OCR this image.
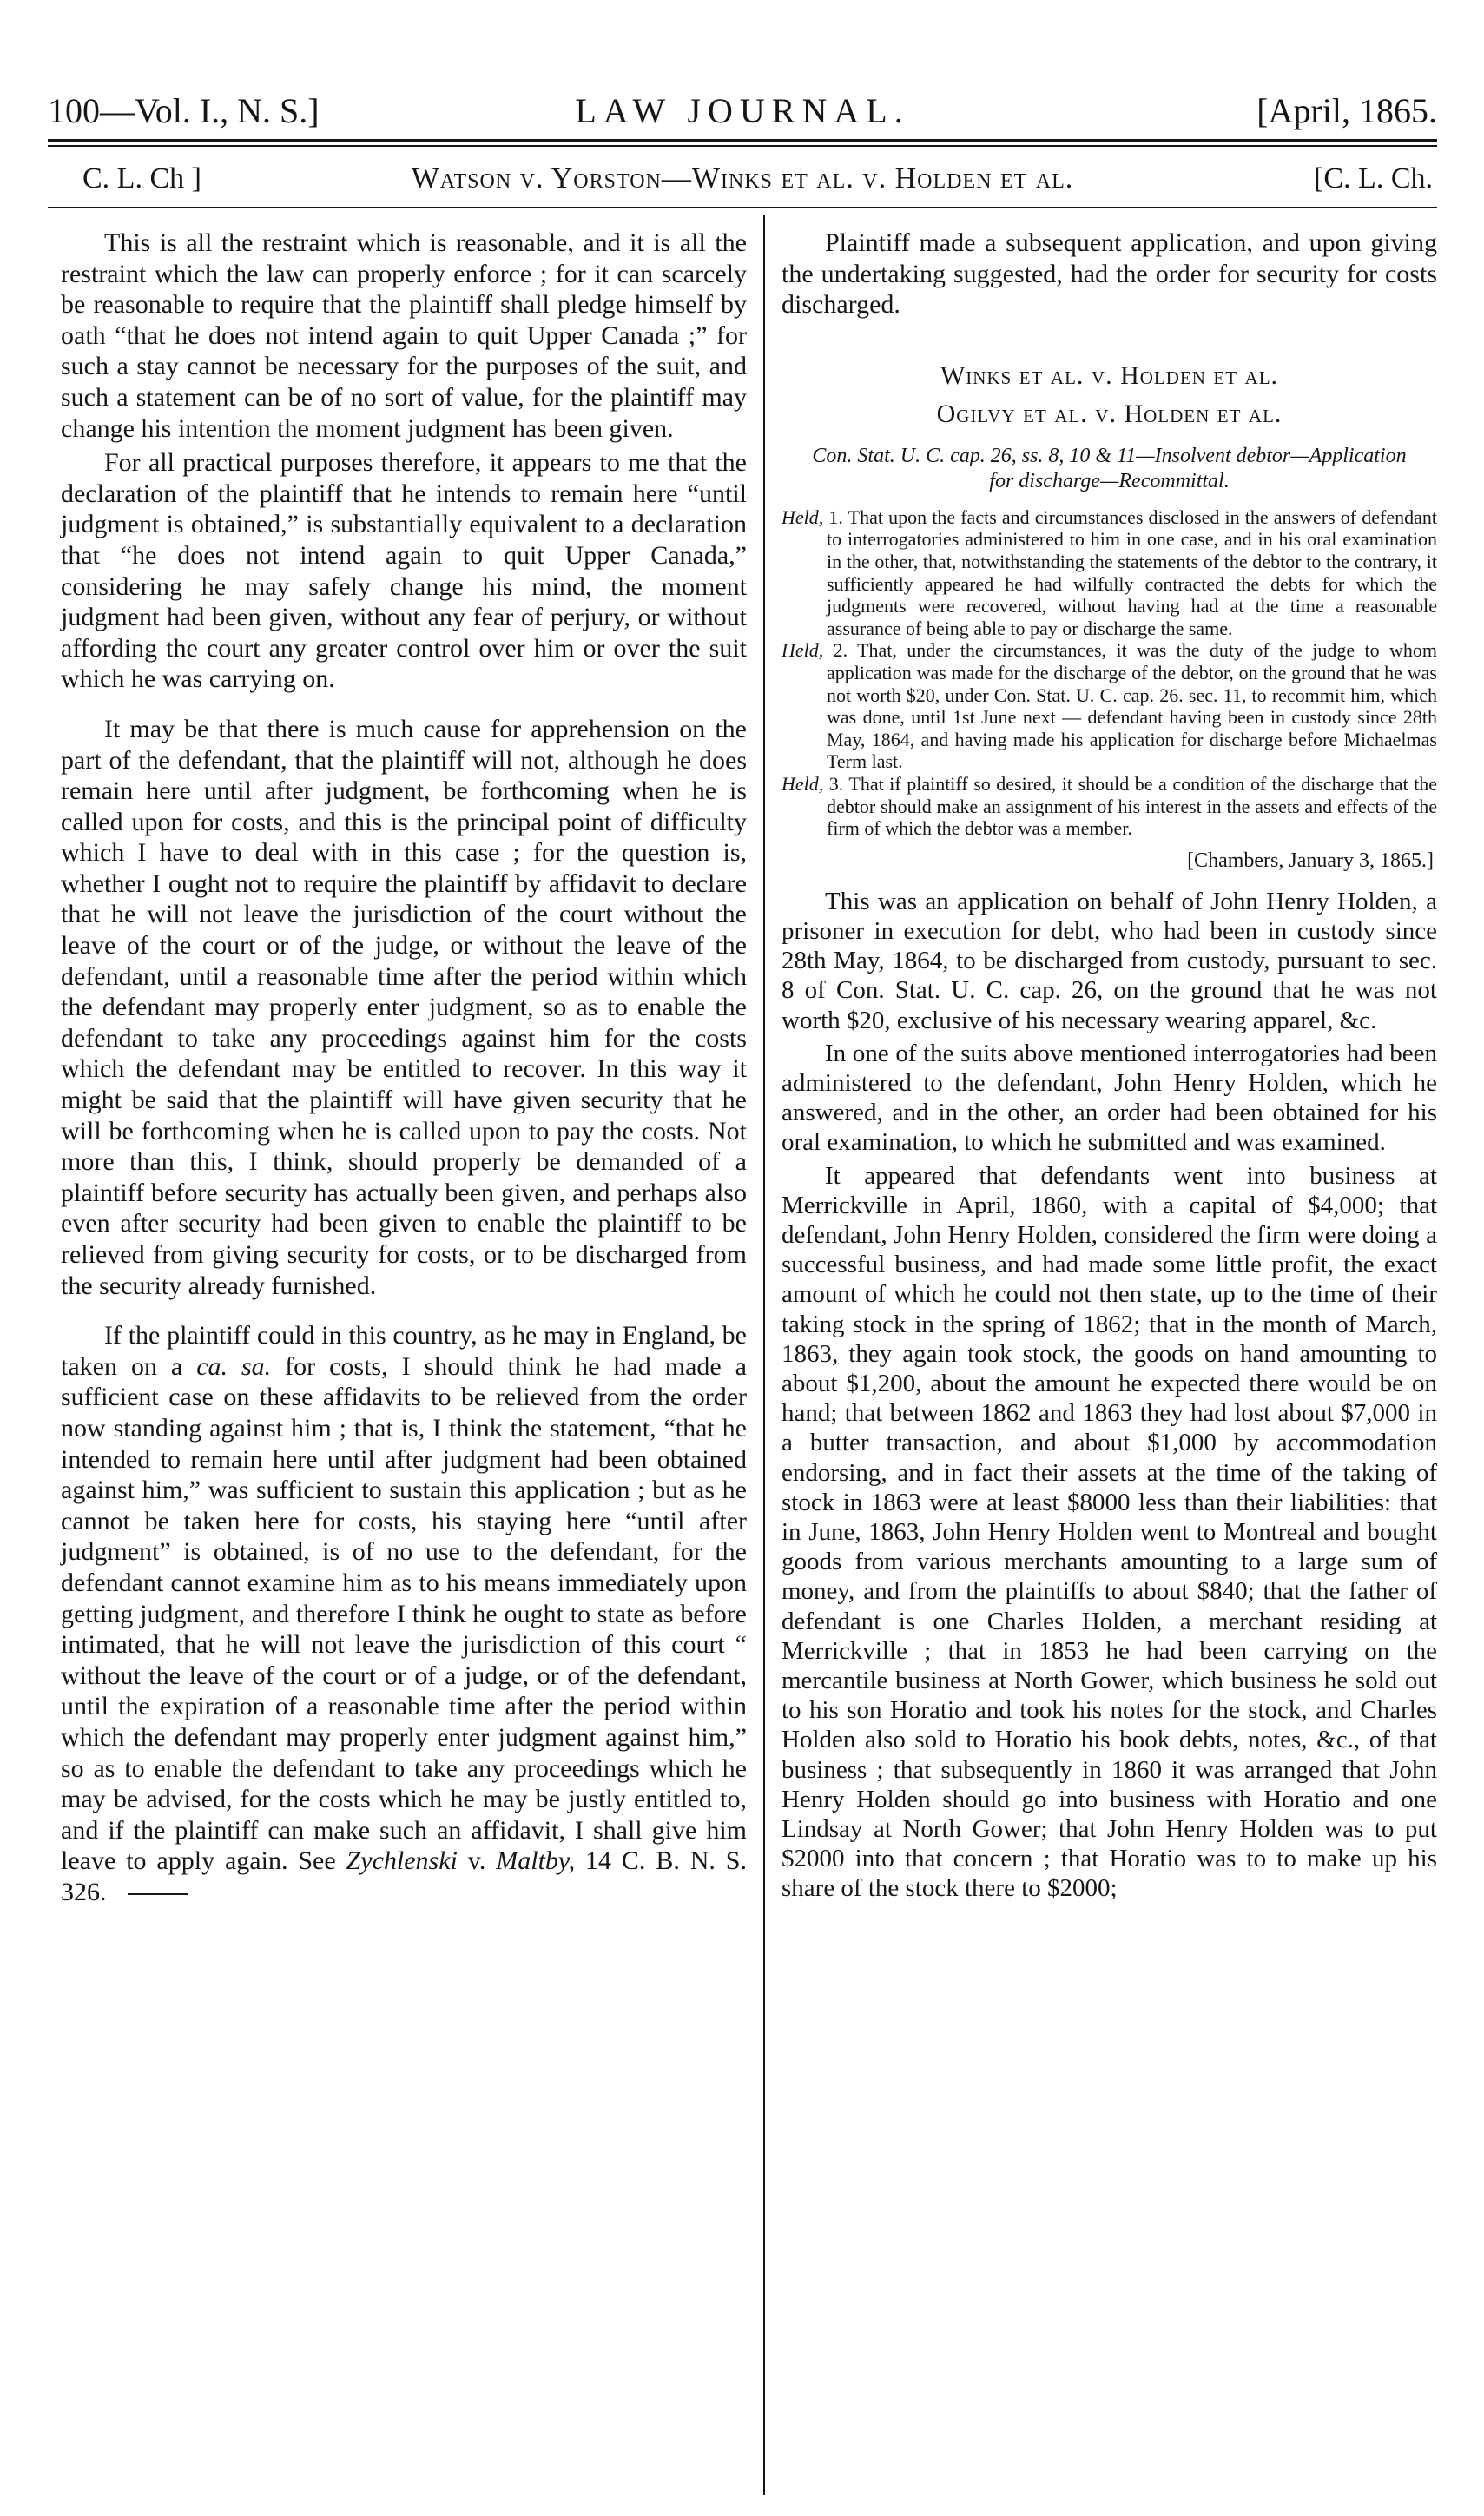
100—Vol. I., N. S.]	LAW JOURNAL.	[April, 1865.
C. L. Ch ]	Watson v. Yorston—Winks et al. v. Holden et al.	[C. L. Ch.

This is all the restraint which is reasonable, and it is all the restraint which the law can properly enforce ; for it can scarcely be reasonable to require that the plaintiff shall pledge himself by oath “that he does not intend again to quit Upper Canada ;” for such a stay cannot be necessary for the purposes of the suit, and such a statement can be of no sort of value, for the plaintiff may change his intention the moment judgment has been given.

For all practical purposes therefore, it appears to me that the declaration of the plaintiff that he intends to remain here “until judgment is obtained,” is substantially equivalent to a declaration that “he does not intend again to quit Upper Canada,” considering he may safely change his mind, the moment judgment had been given, without any fear of perjury, or without affording the court any greater control over him or over the suit which he was carrying on.

It may be that there is much cause for apprehension on the part of the defendant, that the plaintiff will not, although he does remain here until after judgment, be forthcoming when he is called upon for costs, and this is the principal point of difficulty which I have to deal with in this case ; for the question is, whether I ought not to require the plaintiff by affidavit to declare that he will not leave the jurisdiction of the court without the leave of the court or of the judge, or without the leave of the defendant, until a reasonable time after the period within which the defendant may properly enter judgment, so as to enable the defendant to take any proceedings against him for the costs which the defendant may be entitled to recover. In this way it might be said that the plaintiff will have given security that he will be forthcoming when he is called upon to pay the costs. Not more than this, I think, should properly be demanded of a plaintiff before security has actually been given, and perhaps also even after security had been given to enable the plaintiff to be relieved from giving security for costs, or to be discharged from the security already furnished.

If the plaintiff could in this country, as he may in England, be taken on a ca. sa. for costs, I should think he had made a sufficient case on these affidavits to be relieved from the order now standing against him ; that is, I think the statement, “that he intended to remain here until after judgment had been obtained against him,” was sufficient to sustain this application ; but as he cannot be taken here for costs, his staying here “until after judgment” is obtained, is of no use to the defendant, for the defendant cannot examine him as to his means immediately upon getting judgment, and therefore I think he ought to state as before intimated, that he will not leave the jurisdiction of this court “ without the leave of the court or of a judge, or of the defendant, until the expiration of a reasonable time after the period within which the defendant may properly enter judgment against him,” so as to enable the defendant to take any proceedings which he may be advised, for the costs which he may be justly entitled to, and if the plaintiff can make such an affidavit, I shall give him leave to apply again. See Zychlenski v. Maltby, 14 C. B. N. S. 326.

Plaintiff made a subsequent application, and upon giving the undertaking suggested, had the order for security for costs discharged.

Winks et al. v. Holden et al.
Ogilvy et al. v. Holden et al.
Con. Stat. U. C. cap. 26, ss. 8, 10 & 11—Insolvent debtor—Application for discharge—Recommittal.
Held, 1. That upon the facts and circumstances disclosed in the answers of defendant to interrogatories administered to him in one case, and in his oral examination in the other, that, notwithstanding the statements of the debtor to the contrary, it sufficiently appeared he had wilfully contracted the debts for which the judgments were recovered, without having had at the time a reasonable assurance of being able to pay or discharge the same.
Held, 2. That, under the circumstances, it was the duty of the judge to whom application was made for the discharge of the debtor, on the ground that he was not worth $20, under Con. Stat. U. C. cap. 26. sec. 11, to recommit him, which was done, until 1st June next — defendant having been in custody since 28th May, 1864, and having made his application for discharge before Michaelmas Term last.
Held, 3. That if plaintiff so desired, it should be a condition of the discharge that the debtor should make an assignment of his interest in the assets and effects of the firm of which the debtor was a member.
[Chambers, January 3, 1865.]

This was an application on behalf of John Henry Holden, a prisoner in execution for debt, who had been in custody since 28th May, 1864, to be discharged from custody, pursuant to sec. 8 of Con. Stat. U. C. cap. 26, on the ground that he was not worth $20, exclusive of his necessary wearing apparel, &c.

In one of the suits above mentioned interrogatories had been administered to the defendant, John Henry Holden, which he answered, and in the other, an order had been obtained for his oral examination, to which he submitted and was examined.

It appeared that defendants went into business at Merrickville in April, 1860, with a capital of $4,000; that defendant, John Henry Holden, considered the firm were doing a successful business, and had made some little profit, the exact amount of which he could not then state, up to the time of their taking stock in the spring of 1862; that in the month of March, 1863, they again took stock, the goods on hand amounting to about $1,200, about the amount he expected there would be on hand; that between 1862 and 1863 they had lost about $7,000 in a butter transaction, and about $1,000 by accommodation endorsing, and in fact their assets at the time of the taking of stock in 1863 were at least $8000 less than their liabilities: that in June, 1863, John Henry Holden went to Montreal and bought goods from various merchants amounting to a large sum of money, and from the plaintiffs to about $840; that the father of defendant is one Charles Holden, a merchant residing at Merrickville ; that in 1853 he had been carrying on the mercantile business at North Gower, which business he sold out to his son Horatio and took his notes for the stock, and Charles Holden also sold to Horatio his book debts, notes, &c., of that business ; that subsequently in 1860 it was arranged that John Henry Holden should go into business with Horatio and one Lindsay at North Gower; that John Henry Holden was to put $2000 into that concern ; that Horatio was to to make up his share of the stock there to $2000;
